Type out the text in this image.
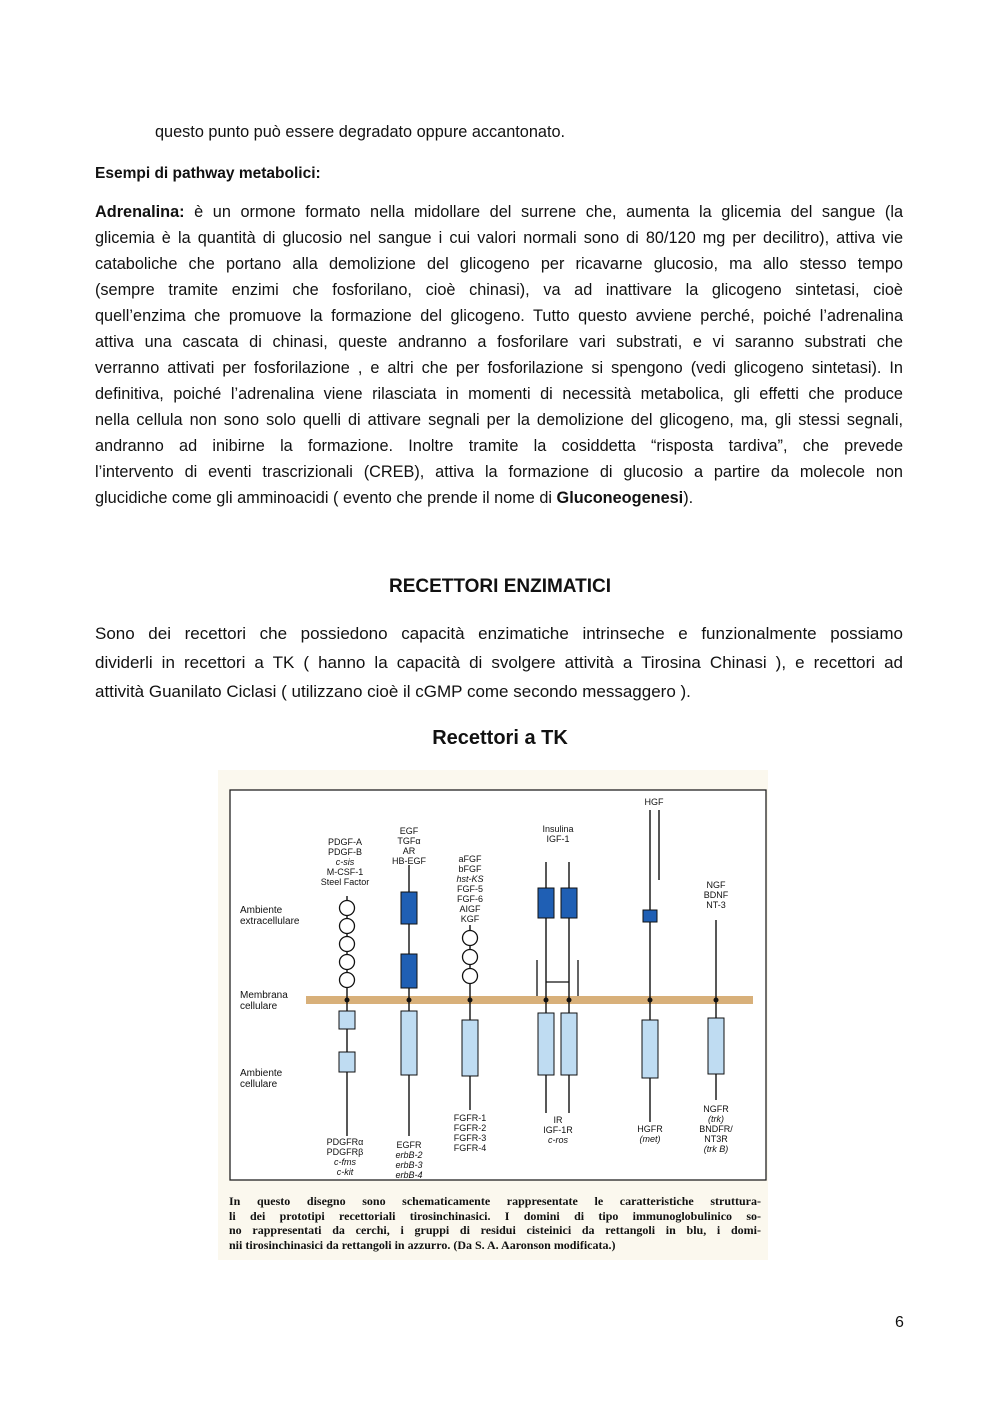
questo punto può essere degradato oppure accantonato.
Esempi di pathway metabolici:
Adrenalina: è un ormone formato nella midollare del surrene che, aumenta la glicemia del sangue (la
glicemia è la quantità di glucosio nel sangue i cui valori normali sono di 80/120 mg per decilitro), attiva vie
cataboliche che portano alla demolizione del glicogeno per ricavarne glucosio, ma allo stesso tempo
(sempre tramite enzimi che fosforilano, cioè chinasi), va ad inattivare la glicogeno sintetasi, cioè
quell’enzima che promuove la formazione del glicogeno. Tutto questo avviene perché, poiché l’adrenalina
attiva una cascata di chinasi, queste andranno a fosforilare vari substrati, e vi saranno substrati che
verranno attivati per fosforilazione , e altri che per fosforilazione si spengono (vedi glicogeno sintetasi). In
definitiva, poiché l’adrenalina viene rilasciata in momenti di necessità metabolica, gli effetti che produce
nella cellula non sono solo quelli di attivare segnali per la demolizione del glicogeno, ma, gli stessi segnali,
andranno ad inibirne la formazione. Inoltre tramite la cosiddetta “risposta tardiva”, che prevede
l’intervento di eventi trascrizionali (CREB), attiva la formazione di glucosio a partire da molecole non
glucidiche come gli amminoacidi ( evento che prende il nome di Gluconeogenesi).
RECETTORI ENZIMATICI
Sono dei recettori che possiedono capacità enzimatiche intrinseche e funzionalmente possiamo
dividerli in recettori a TK ( hanno la capacità di svolgere attività a Tirosina Chinasi ), e recettori ad
attività Guanilato Ciclasi ( utilizzano cioè il cGMP come secondo messaggero ).
Recettori a TK
Ambiente
extracellulare
Membrana
cellulare
Ambiente
cellulare
PDGF-A
PDGF-B
c-sis
M-CSF-1
Steel Factor
EGF
TGFα
AR
HB-EGF	aFGF
bFGF
hst-KS
FGF-5
FGF-6
AIGF
KGF
Insulina
IGF-1
HGF
NGF
BDNF
NT-3
PDGFRα
PDGFRβ
c-fms
c-kit
EGFR
erbB-2
erbB-3
erbB-4
FGFR-1
FGFR-2
FGFR-3
FGFR-4
IR
IGF-1R
c-ros
HGFR
(met)
NGFR
(trk)
BNDFR/
NT3R
(trk B)
In questo disegno sono schematicamente rappresentate le caratteristiche struttura-
li dei prototipi recettoriali tirosinchinasici. I domini di tipo immunoglobulinico so-
no rappresentati da cerchi, i gruppi di residui cisteinici da rettangoli in blu, i domi-
nii tirosinchinasici da rettangoli in azzurro. (Da S. A. Aaronson modificata.)
6
